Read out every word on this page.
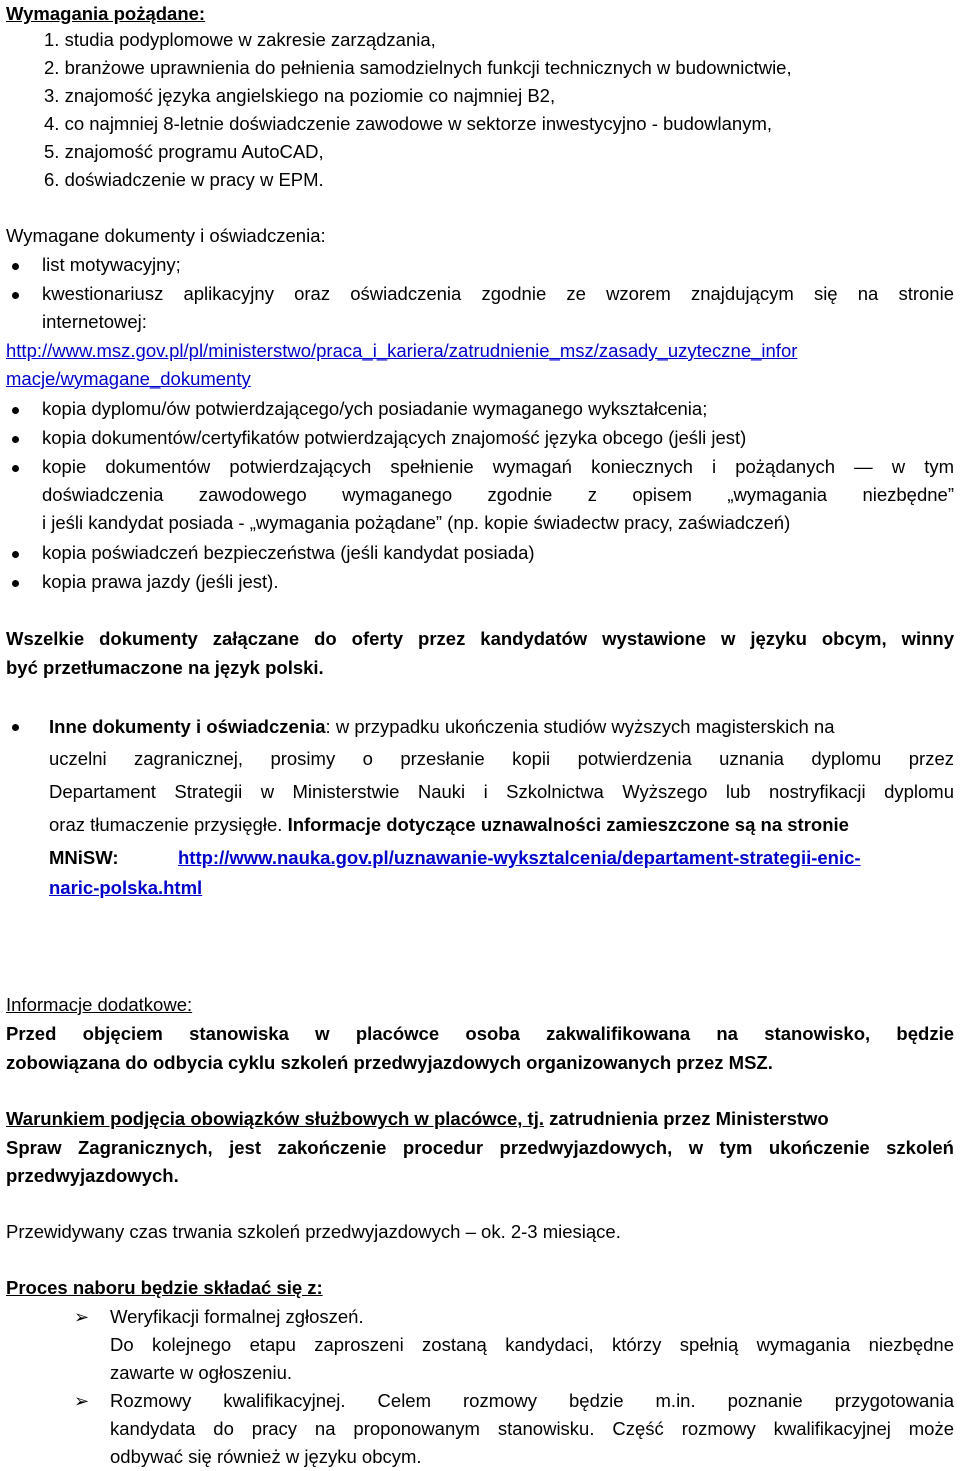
Wymagania pożądane:
1. studia podyplomowe w zakresie zarządzania,
2. branżowe uprawnienia do pełnienia samodzielnych funkcji technicznych w budownictwie,
3. znajomość języka angielskiego na poziomie co najmniej B2,
4. co najmniej 8-letnie doświadczenie zawodowe w sektorze inwestycyjno - budowlanym,
5. znajomość programu AutoCAD,
6. doświadczenie w pracy w EPM.
Wymagane dokumenty i oświadczenia:
list motywacyjny;
kwestionariusz aplikacyjny oraz oświadczenia zgodnie ze wzorem znajdującym się na stronie
internetowej:
http://www.msz.gov.pl/pl/ministerstwo/praca_i_kariera/zatrudnienie_msz/zasady_uzyteczne_infor
macje/wymagane_dokumenty
kopia dyplomu/ów potwierdzającego/ych posiadanie wymaganego wykształcenia;
kopia dokumentów/certyfikatów potwierdzających znajomość języka obcego (jeśli jest)
kopie dokumentów potwierdzających spełnienie wymagań koniecznych i pożądanych — w tym
doświadczenia zawodowego wymaganego zgodnie z opisem „wymagania niezbędne”
i jeśli kandydat posiada - „wymagania pożądane” (np. kopie świadectw pracy, zaświadczeń)
kopia poświadczeń bezpieczeństwa (jeśli kandydat posiada)
kopia prawa jazdy (jeśli jest).
Wszelkie dokumenty załączane do oferty przez kandydatów wystawione w języku obcym, winny
być przetłumaczone na język polski.
Inne dokumenty i oświadczenia: w przypadku ukończenia studiów wyższych magisterskich na
uczelni zagranicznej, prosimy o przesłanie kopii potwierdzenia uznania dyplomu przez
Departament Strategii w Ministerstwie Nauki i Szkolnictwa Wyższego lub nostryfikacji dyplomu
oraz tłumaczenie przysięgłe. Informacje dotyczące uznawalności zamieszczone są na stronie
MNiSW:	http://www.nauka.gov.pl/uznawanie-wyksztalcenia/departament-strategii-enic-
naric-polska.html
Informacje dodatkowe:
Przed objęciem stanowiska w placówce osoba zakwalifikowana na stanowisko, będzie
zobowiązana do odbycia cyklu szkoleń przedwyjazdowych organizowanych przez MSZ.
Warunkiem podjęcia obowiązków służbowych w placówce, tj. zatrudnienia przez Ministerstwo
Spraw Zagranicznych, jest zakończenie procedur przedwyjazdowych, w tym ukończenie szkoleń
przedwyjazdowych.
Przewidywany czas trwania szkoleń przedwyjazdowych – ok. 2-3 miesiące.
Proces naboru będzie składać się z:
➢ Weryfikacji formalnej zgłoszeń.
Do kolejnego etapu zaproszeni zostaną kandydaci, którzy spełnią wymagania niezbędne
zawarte w ogłoszeniu.
➢ Rozmowy kwalifikacyjnej. Celem rozmowy będzie m.in. poznanie przygotowania
kandydata do pracy na proponowanym stanowisku. Część rozmowy kwalifikacyjnej może
odbywać się również w języku obcym.
